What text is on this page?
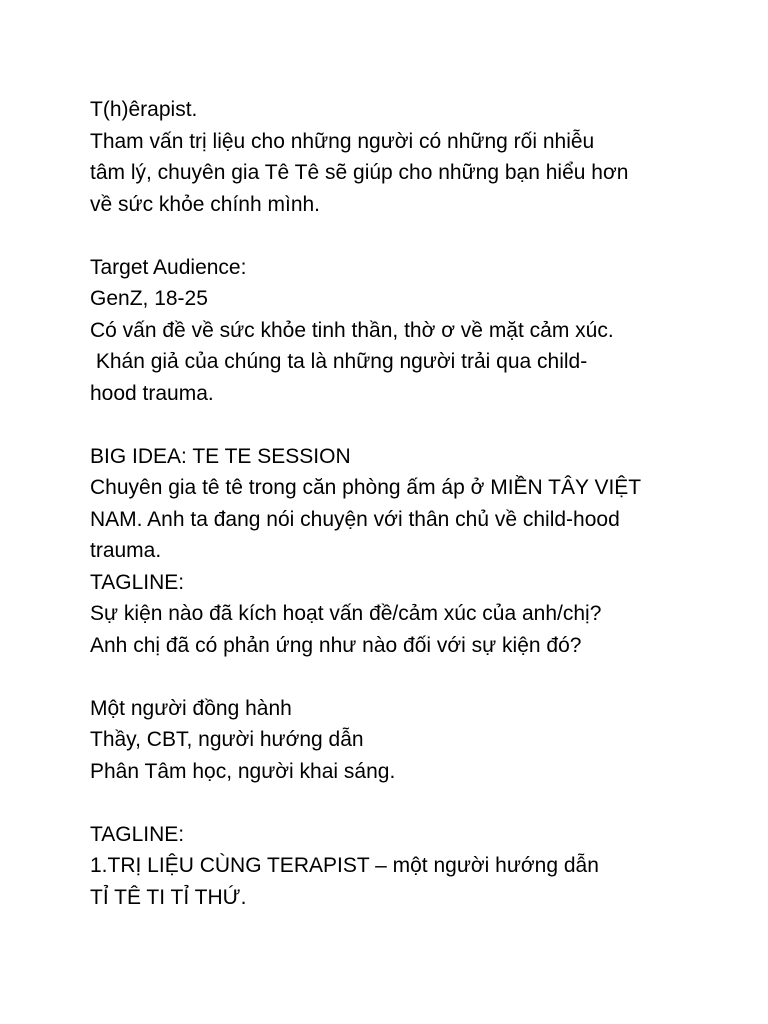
T(h)êrapist.
Tham vấn trị liệu cho những người có những rối nhiễu
tâm lý, chuyên gia Tê Tê sẽ giúp cho những bạn hiểu hơn
về sức khỏe chính mình.
Target Audience:
GenZ, 18-25
Có vấn đề về sức khỏe tinh thần, thờ ơ về mặt cảm xúc.
Khán giả của chúng ta là những người trải qua child-
hood trauma.
BIG IDEA: TE TE SESSION
Chuyên gia tê tê trong căn phòng ấm áp ở MIỀN TÂY VIỆT
NAM. Anh ta đang nói chuyện với thân chủ về child-hood
trauma.
TAGLINE:
Sự kiện nào đã kích hoạt vấn đề/cảm xúc của anh/chị?
Anh chị đã có phản ứng như nào đối với sự kiện đó?
Một người đồng hành
Thầy, CBT, người hướng dẫn
Phân Tâm học, người khai sáng.
TAGLINE:
1.TRỊ LIỆU CÙNG TERAPIST – một người hướng dẫn
TỈ TÊ TI TỈ THỨ.
